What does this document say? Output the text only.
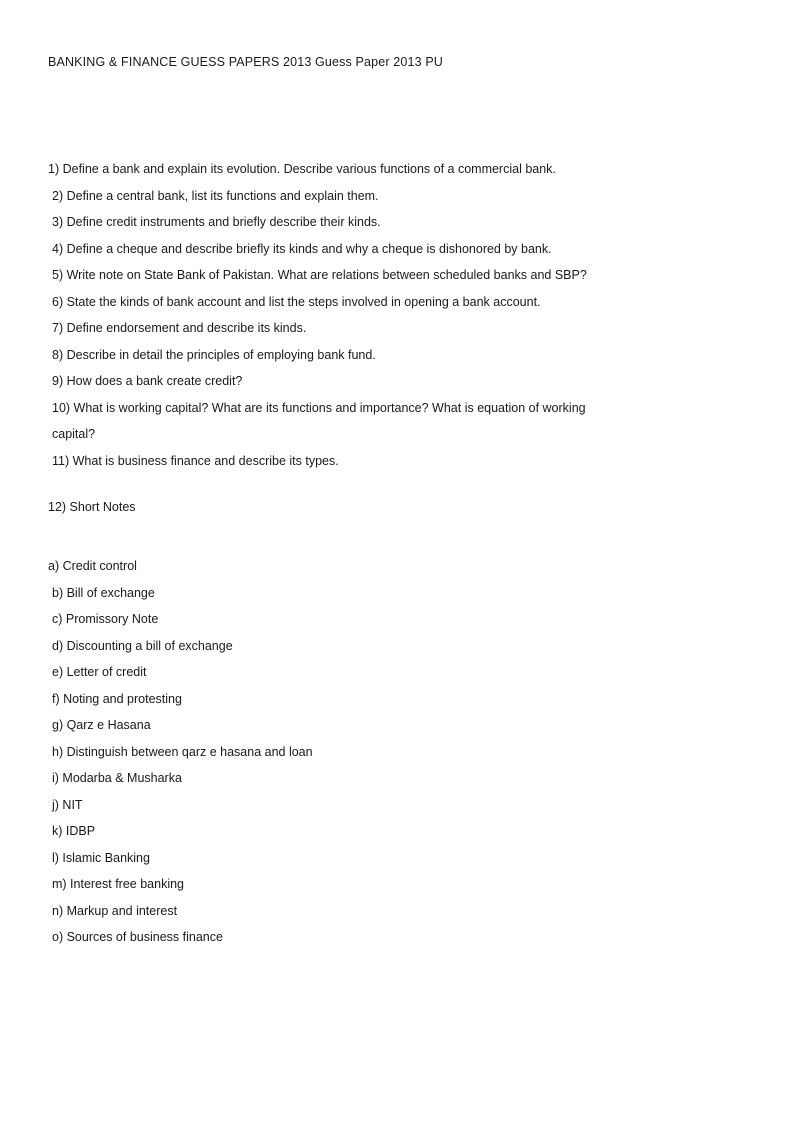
BANKING & FINANCE GUESS PAPERS 2013 Guess Paper 2013 PU
1) Define a bank and explain its evolution. Describe various functions of a commercial bank.
2) Define a central bank, list its functions and explain them.
3) Define credit instruments and briefly describe their kinds.
4) Define a cheque and describe briefly its kinds and why a cheque is dishonored by bank.
5) Write note on State Bank of Pakistan. What are relations between scheduled banks and SBP?
6) State the kinds of bank account and list the steps involved in opening a bank account.
7) Define endorsement and describe its kinds.
8) Describe in detail the principles of employing bank fund.
9) How does a bank create credit?
10) What is working capital? What are its functions and importance? What is equation of working
capital?
11) What is business finance and describe its types.
12) Short Notes
a) Credit control
b) Bill of exchange
c) Promissory Note
d) Discounting a bill of exchange
e) Letter of credit
f) Noting and protesting
g) Qarz e Hasana
h) Distinguish between qarz e hasana and loan
i) Modarba & Musharka
j) NIT
k) IDBP
l) Islamic Banking
m) Interest free banking
n) Markup and interest
o) Sources of business finance
